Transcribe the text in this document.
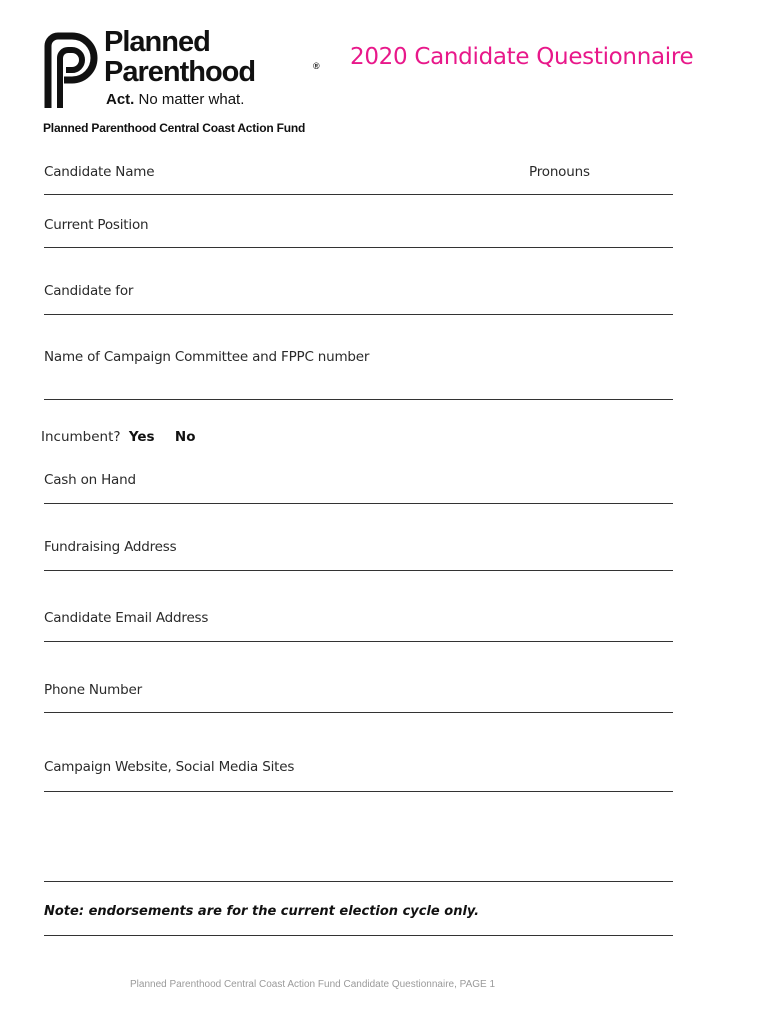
Planned
Parenthood	®
Act. No matter what.
Planned Parenthood Central Coast Action Fund
2020 Candidate Questionnaire
Candidate Name	Pronouns
Current Position
Candidate for
Name of Campaign Committee and FPPC number
Incumbent? Yes No
Cash on Hand
Fundraising Address
Candidate Email Address
Phone Number
Campaign Website, Social Media Sites
Note: endorsements are for the current election cycle only.
Planned Parenthood Central Coast Action Fund Candidate Questionnaire, PAGE 1
